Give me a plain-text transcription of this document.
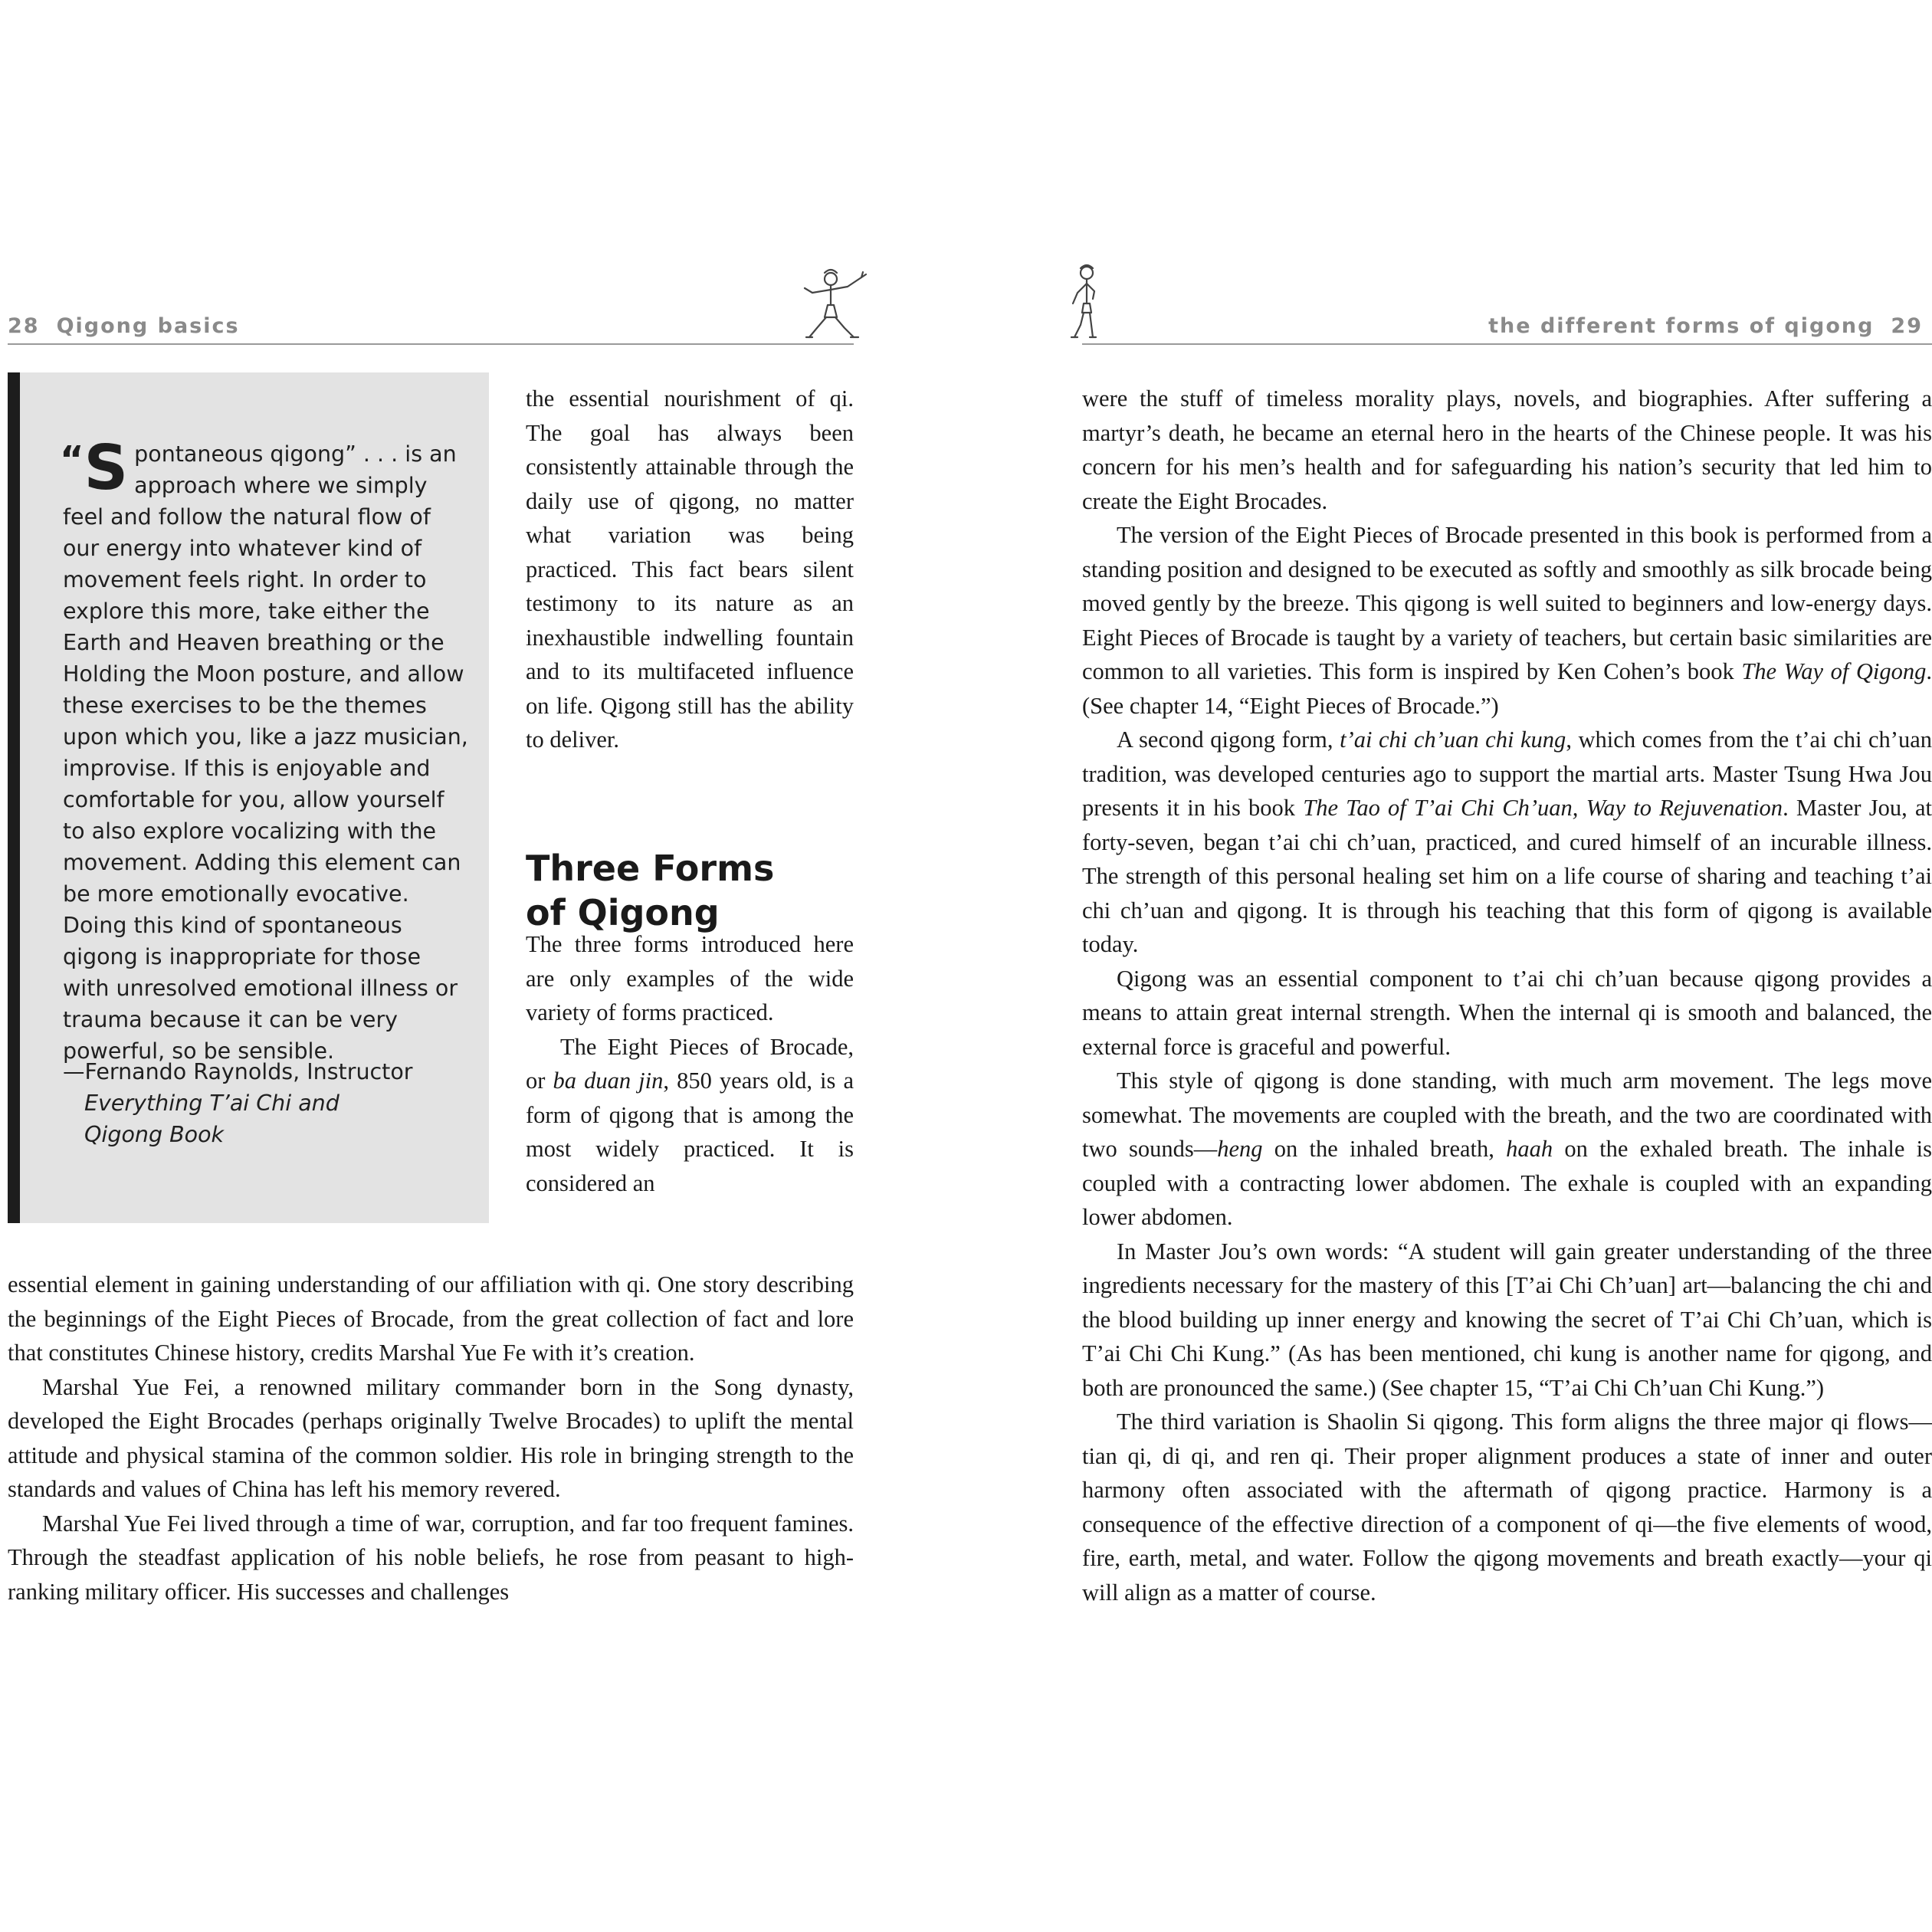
28 Qigong basics
“S pontaneous qigong” . . . is an approach where we simply feel and follow the natural flow of our energy into whatever kind of movement feels right. In order to explore this more, take either the Earth and Heaven breathing or the Holding the Moon posture, and allow these exercises to be the themes upon which you, like a jazz musician, improvise. If this is enjoyable and comfortable for you, allow yourself to also explore vocalizing with the movement. Adding this element can be more emotionally evocative. Doing this kind of spontaneous qigong is inappropriate for those with unresolved emotional illness or trauma because it can be very powerful, so be sensible.
—Fernando Raynolds, Instructor
Everything T’ai Chi and
Qigong Book

the essential nourishment of qi. The goal has always been consistently attainable through the daily use of qigong, no matter what variation was being practiced. This fact bears silent testimony to its nature as an inexhaustible indwelling fountain and to its multifaceted influence on life. Qigong still has the ability to deliver.

Three Forms
of Qigong

The three forms introduced here are only examples of the wide variety of forms practiced.

The Eight Pieces of Brocade, or ba duan jin, 850 years old, is a form of qigong that is among the most widely practiced. It is considered an

essential element in gaining understanding of our affiliation with qi. One story describing the beginnings of the Eight Pieces of Brocade, from the great collection of fact and lore that constitutes Chinese history, credits Marshal Yue Fe with it’s creation.

Marshal Yue Fei, a renowned military commander born in the Song dynasty, developed the Eight Brocades (perhaps originally Twelve Brocades) to uplift the mental attitude and physical stamina of the common soldier. His role in bringing strength to the standards and values of China has left his memory revered.

Marshal Yue Fei lived through a time of war, corruption, and far too frequent famines. Through the steadfast application of his noble beliefs, he rose from peasant to high-ranking military officer. His successes and challenges

the different forms of qigong 29

were the stuff of timeless morality plays, novels, and biographies. After suffering a martyr’s death, he became an eternal hero in the hearts of the Chinese people. It was his concern for his men’s health and for safeguarding his nation’s security that led him to create the Eight Brocades.

The version of the Eight Pieces of Brocade presented in this book is performed from a standing position and designed to be executed as softly and smoothly as silk brocade being moved gently by the breeze. This qigong is well suited to beginners and low-energy days. Eight Pieces of Brocade is taught by a variety of teachers, but certain basic similarities are common to all varieties. This form is inspired by Ken Cohen’s book The Way of Qigong. (See chapter 14, “Eight Pieces of Brocade.”)

A second qigong form, t’ai chi ch’uan chi kung, which comes from the t’ai chi ch’uan tradition, was developed centuries ago to support the martial arts. Master Tsung Hwa Jou presents it in his book The Tao of T’ai Chi Ch’uan, Way to Rejuvenation. Master Jou, at forty-seven, began t’ai chi ch’uan, practiced, and cured himself of an incurable illness. The strength of this personal healing set him on a life course of sharing and teaching t’ai chi ch’uan and qigong. It is through his teaching that this form of qigong is available today.

Qigong was an essential component to t’ai chi ch’uan because qigong provides a means to attain great internal strength. When the internal qi is smooth and balanced, the external force is graceful and powerful.

This style of qigong is done standing, with much arm movement. The legs move somewhat. The movements are coupled with the breath, and the two are coordinated with two sounds—heng on the inhaled breath, haah on the exhaled breath. The inhale is coupled with a contracting lower abdomen. The exhale is coupled with an expanding lower abdomen.

In Master Jou’s own words: “A student will gain greater understanding of the three ingredients necessary for the mastery of this [T’ai Chi Ch’uan] art—balancing the chi and the blood building up inner energy and knowing the secret of T’ai Chi Ch’uan, which is T’ai Chi Chi Kung.” (As has been mentioned, chi kung is another name for qigong, and both are pronounced the same.) (See chapter 15, “T’ai Chi Ch’uan Chi Kung.”)

The third variation is Shaolin Si qigong. This form aligns the three major qi flows—tian qi, di qi, and ren qi. Their proper alignment produces a state of inner and outer harmony often associated with the aftermath of qigong practice. Harmony is a consequence of the effective direction of a component of qi—the five elements of wood, fire, earth, metal, and water. Follow the qigong movements and breath exactly—your qi will align as a matter of course.
